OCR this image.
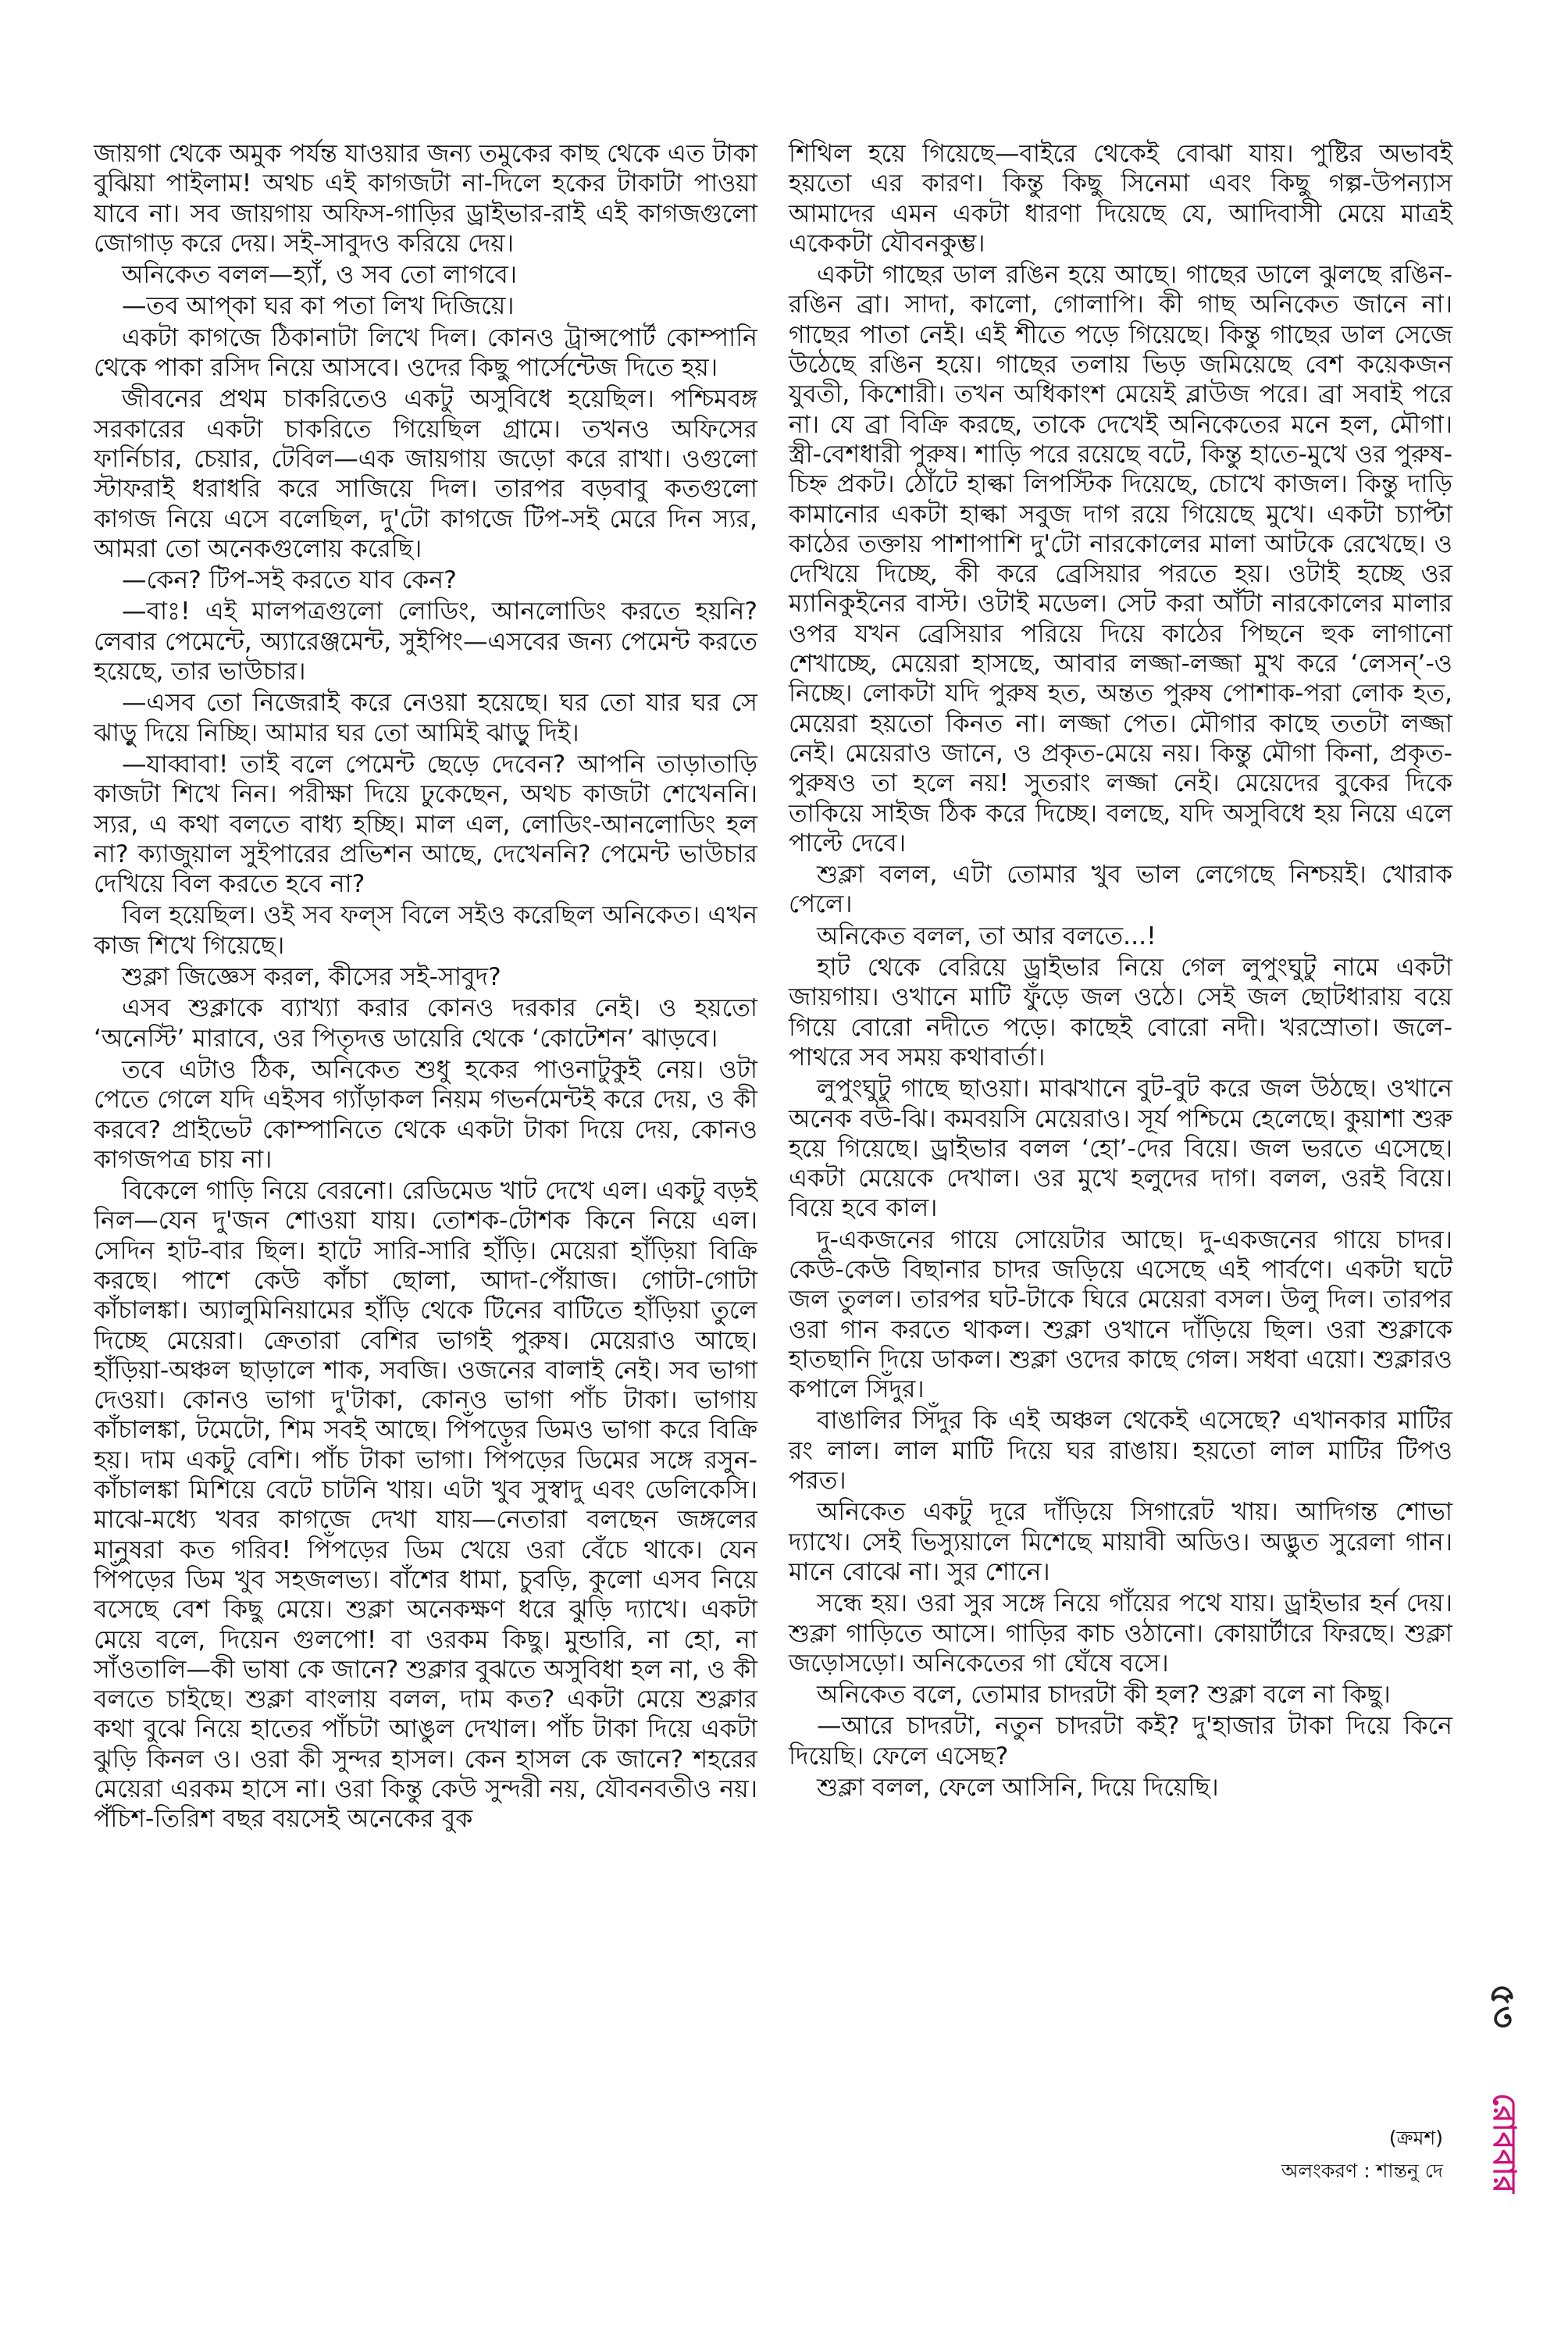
জায়গা থেকে অমুক পর্যন্ত যাওয়ার জন্য তমুকের কাছ থেকে এত টাকা বুঝিয়া পাইলাম! অথচ এই কাগজটা না-দিলে হকের টাকাটা পাওয়া যাবে না। সব জায়গায় অফিস-গাড়ির ড্রাইভার-রাই এই কাগজগুলো জোগাড় করে দেয়। সই-সাবুদও করিয়ে দেয়।

অনিকেত বলল—হ্যাঁ, ও সব তো লাগবে।

—তব আপ্‌কা ঘর কা পতা লিখ দিজিয়ে।

একটা কাগজে ঠিকানাটা লিখে দিল। কোনও ট্রান্সপোর্ট কোম্পানি থেকে পাকা রসিদ নিয়ে আসবে। ওদের কিছু পার্সেন্টেজ দিতে হয়।

জীবনের প্রথম চাকরিতেও একটু অসুবিধে হয়েছিল। পশ্চিমবঙ্গ সরকারের একটা চাকরিতে গিয়েছিল গ্রামে। তখনও অফিসের ফার্নিচার, চেয়ার, টেবিল—এক জায়গায় জড়ো করে রাখা। ওগুলো স্টাফরাই ধরাধরি করে সাজিয়ে দিল। তারপর বড়বাবু কতগুলো কাগজ নিয়ে এসে বলেছিল, দু'টো কাগজে টিপ-সই মেরে দিন স্যর, আমরা তো অনেকগুলোয় করেছি।

—কেন? টিপ-সই করতে যাব কেন?

—বাঃ! এই মালপত্রগুলো লোডিং, আনলোডিং করতে হয়নি? লেবার পেমেন্টে, অ্যারেঞ্জমেন্ট, সুইপিং—এসবের জন্য পেমেন্ট করতে হয়েছে, তার ভাউচার।

—এসব তো নিজেরাই করে নেওয়া হয়েছে। ঘর তো যার ঘর সে ঝাড়ু দিয়ে নিচ্ছি। আমার ঘর তো আমিই ঝাড়ু দিই।

—যাব্বাবা! তাই বলে পেমেন্ট ছেড়ে দেবেন? আপনি তাড়াতাড়ি কাজটা শিখে নিন। পরীক্ষা দিয়ে ঢুকেছেন, অথচ কাজটা শেখেননি। স্যর, এ কথা বলতে বাধ্য হচ্ছি। মাল এল, লোডিং-আনলোডিং হল না? ক্যাজুয়াল সুইপারের প্রভিশন আছে, দেখেননি? পেমেন্ট ভাউচার দেখিয়ে বিল করতে হবে না?

বিল হয়েছিল। ওই সব ফল্‌স বিলে সইও করেছিল অনিকেত। এখন কাজ শিখে গিয়েছে।

শুক্লা জিজ্ঞেস করল, কীসের সই-সাবুদ?

এসব শুক্লাকে ব্যাখ্যা করার কোনও দরকার নেই। ও হয়তো ‘অনেস্টি’ মারাবে, ওর পিতৃদত্ত ডায়েরি থেকে ‘কোটেশন’ ঝাড়বে।

তবে এটাও ঠিক, অনিকেত শুধু হকের পাওনাটুকুই নেয়। ওটা পেতে গেলে যদি এইসব গ্যাঁড়াকল নিয়ম গভর্নমেন্টই করে দেয়, ও কী করবে? প্রাইভেট কোম্পানিতে থেকে একটা টাকা দিয়ে দেয়, কোনও কাগজপত্র চায় না।

বিকেলে গাড়ি নিয়ে বেরনো। রেডিমেড খাট দেখে এল। একটু বড়ই নিল—যেন দু'জন শোওয়া যায়। তোশক-টোশক কিনে নিয়ে এল। সেদিন হাট-বার ছিল। হাটে সারি-সারি হাঁড়ি। মেয়েরা হাঁড়িয়া বিক্রি করছে। পাশে কেউ কাঁচা ছোলা, আদা-পেঁয়াজ। গোটা-গোটা কাঁচালঙ্কা। অ্যালুমিনিয়ামের হাঁড়ি থেকে টিনের বাটিতে হাঁড়িয়া তুলে দিচ্ছে মেয়েরা। ক্রেতারা বেশির ভাগই পুরুষ। মেয়েরাও আছে। হাঁড়িয়া-অঞ্চল ছাড়ালে শাক, সবজি। ওজনের বালাই নেই। সব ভাগা দেওয়া। কোনও ভাগা দু'টাকা, কোনও ভাগা পাঁচ টাকা। ভাগায় কাঁচালঙ্কা, টমেটো, শিম সবই আছে। পিঁপড়ের ডিমও ভাগা করে বিক্রি হয়। দাম একটু বেশি। পাঁচ টাকা ভাগা। পিঁপড়ের ডিমের সঙ্গে রসুন-কাঁচালঙ্কা মিশিয়ে বেটে চাটনি খায়। এটা খুব সুস্বাদু এবং ডেলিকেসি। মাঝে-মধ্যে খবর কাগজে দেখা যায়—নেতারা বলছেন জঙ্গলের মানুষরা কত গরিব! পিঁপড়ের ডিম খেয়ে ওরা বেঁচে থাকে। যেন পিঁপড়ের ডিম খুব সহজলভ্য। বাঁশের ধামা, চুবড়ি, কুলো এসব নিয়ে বসেছে বেশ কিছু মেয়ে। শুক্লা অনেকক্ষণ ধরে ঝুড়ি দ্যাখে। একটা মেয়ে বলে, দিয়েন গুলপো! বা ওরকম কিছু। মুন্ডারি, না হো, না সাঁওতালি—কী ভাষা কে জানে? শুক্লার বুঝতে অসুবিধা হল না, ও কী বলতে চাইছে। শুক্লা বাংলায় বলল, দাম কত? একটা মেয়ে শুক্লার কথা বুঝে নিয়ে হাতের পাঁচটা আঙুল দেখাল। পাঁচ টাকা দিয়ে একটা ঝুড়ি কিনল ও। ওরা কী সুন্দর হাসল। কেন হাসল কে জানে? শহরের মেয়েরা এরকম হাসে না। ওরা কিন্তু কেউ সুন্দরী নয়, যৌবনবতীও নয়। পঁচিশ-তিরিশ বছর বয়সেই অনেকের বুক

শিথিল হয়ে গিয়েছে—বাইরে থেকেই বোঝা যায়। পুষ্টির অভাবই হয়তো এর কারণ। কিন্তু কিছু সিনেমা এবং কিছু গল্প-উপন্যাস আমাদের এমন একটা ধারণা দিয়েছে যে, আদিবাসী মেয়ে মাত্রই একেকটা যৌবনকুম্ভ।

একটা গাছের ডাল রঙিন হয়ে আছে। গাছের ডালে ঝুলছে রঙিন-রঙিন ব্রা। সাদা, কালো, গোলাপি। কী গাছ অনিকেত জানে না। গাছের পাতা নেই। এই শীতে পড়ে গিয়েছে। কিন্তু গাছের ডাল সেজে উঠেছে রঙিন হয়ে। গাছের তলায় ভিড় জমিয়েছে বেশ কয়েকজন যুবতী, কিশোরী। তখন অধিকাংশ মেয়েই ব্লাউজ পরে। ব্রা সবাই পরে না। যে ব্রা বিক্রি করছে, তাকে দেখেই অনিকেতের মনে হল, মৌগা। স্ত্রী-বেশধারী পুরুষ। শাড়ি পরে রয়েছে বটে, কিন্তু হাতে-মুখে ওর পুরুষ-চিহ্ন প্রকট। ঠোঁটে হাল্কা লিপস্টিক দিয়েছে, চোখে কাজল। কিন্তু দাড়ি কামানোর একটা হাল্কা সবুজ দাগ রয়ে গিয়েছে মুখে। একটা চ্যাপ্টা কাঠের তক্তায় পাশাপাশি দু'টো নারকোলের মালা আটকে রেখেছে। ও দেখিয়ে দিচ্ছে, কী করে ব্রেসিয়ার পরতে হয়। ওটাই হচ্ছে ওর ম্যানিকুইনের বাস্ট। ওটাই মডেল। সেট করা আঁটা নারকোলের মালার ওপর যখন ব্রেসিয়ার পরিয়ে দিয়ে কাঠের পিছনে হুক লাগানো শেখাচ্ছে, মেয়েরা হাসছে, আবার লজ্জা-লজ্জা মুখ করে ‘লেসন্‌’-ও নিচ্ছে। লোকটা যদি পুরুষ হত, অন্তত পুরুষ পোশাক-পরা লোক হত, মেয়েরা হয়তো কিনত না। লজ্জা পেত। মৌগার কাছে ততটা লজ্জা নেই। মেয়েরাও জানে, ও প্রকৃত-মেয়ে নয়। কিন্তু মৌগা কিনা, প্রকৃত-পুরুষও তা হলে নয়! সুতরাং লজ্জা নেই। মেয়েদের বুকের দিকে তাকিয়ে সাইজ ঠিক করে দিচ্ছে। বলছে, যদি অসুবিধে হয় নিয়ে এলে পাল্টে দেবে।

শুক্লা বলল, এটা তোমার খুব ভাল লেগেছে নিশ্চয়ই। খোরাক পেলে।

অনিকেত বলল, তা আর বলতে...!

হাট থেকে বেরিয়ে ড্রাইভার নিয়ে গেল লুপুংঘুটু নামে একটা জায়গায়। ওখানে মাটি ফুঁড়ে জল ওঠে। সেই জল ছোটধারায় বয়ে গিয়ে বোরো নদীতে পড়ে। কাছেই বোরো নদী। খরস্রোতা। জলে-পাথরে সব সময় কথাবার্তা।

লুপুংঘুটু গাছে ছাওয়া। মাঝখানে বুট-বুট করে জল উঠছে। ওখানে অনেক বউ-ঝি। কমবয়সি মেয়েরাও। সূর্য পশ্চিমে হেলেছে। কুয়াশা শুরু হয়ে গিয়েছে। ড্রাইভার বলল ‘হো’-দের বিয়ে। জল ভরতে এসেছে। একটা মেয়েকে দেখাল। ওর মুখে হলুদের দাগ। বলল, ওরই বিয়ে। বিয়ে হবে কাল।

দু-একজনের গায়ে সোয়েটার আছে। দু-একজনের গায়ে চাদর। কেউ-কেউ বিছানার চাদর জড়িয়ে এসেছে এই পার্বণে। একটা ঘটে জল তুলল। তারপর ঘট-টাকে ঘিরে মেয়েরা বসল। উলু দিল। তারপর ওরা গান করতে থাকল। শুক্লা ওখানে দাঁড়িয়ে ছিল। ওরা শুক্লাকে হাতছানি দিয়ে ডাকল। শুক্লা ওদের কাছে গেল। সধবা এয়ো। শুক্লারও কপালে সিঁদুর।

বাঙালির সিঁদুর কি এই অঞ্চল থেকেই এসেছে? এখানকার মাটির রং লাল। লাল মাটি দিয়ে ঘর রাঙায়। হয়তো লাল মাটির টিপও পরত।

অনিকেত একটু দূরে দাঁড়িয়ে সিগারেট খায়। আদিগন্ত শোভা দ্যাখে। সেই ভিস্যুয়ালে মিশেছে মায়াবী অডিও। অদ্ভুত সুরেলা গান। মানে বোঝে না। সুর শোনে।

সন্ধে হয়। ওরা সুর সঙ্গে নিয়ে গাঁয়ের পথে যায়। ড্রাইভার হর্ন দেয়। শুক্লা গাড়িতে আসে। গাড়ির কাচ ওঠানো। কোয়ার্টারে ফিরছে। শুক্লা জড়োসড়ো। অনিকেতের গা ঘেঁষে বসে।

অনিকেত বলে, তোমার চাদরটা কী হল? শুক্লা বলে না কিছু।

—আরে চাদরটা, নতুন চাদরটা কই? দু'হাজার টাকা দিয়ে কিনে দিয়েছি। ফেলে এসেছ?

শুক্লা বলল, ফেলে আসিনি, দিয়ে দিয়েছি।

(ক্রমশ)
অলংকরণ : শান্তনু দে
৫৩
রোববার
